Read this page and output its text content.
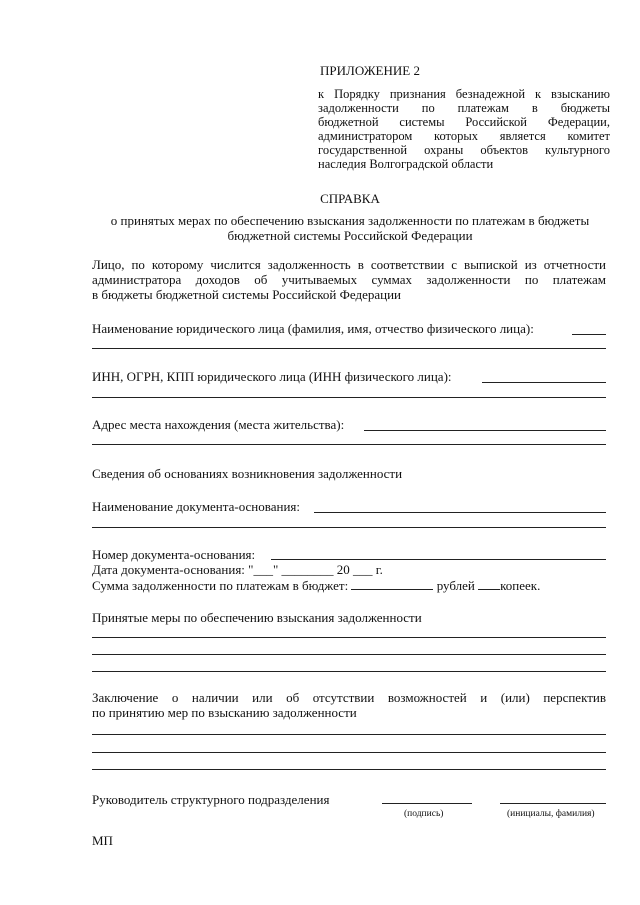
ПРИЛОЖЕНИЕ 2
к Порядку признания безнадежной к взысканию
задолженности по платежам в бюджеты
бюджетной системы Российской Федерации,
администратором которых является комитет
государственной охраны объектов культурного
наследия Волгоградской области
СПРАВКА
о принятых мерах по обеспечению взыскания задолженности по платежам в бюджеты
бюджетной системы Российской Федерации
Лицо, по которому числится задолженность в соответствии с выпиской из отчетности
администратора доходов об учитываемых суммах задолженности по платежам
в бюджеты бюджетной системы Российской Федерации
Наименование юридического лица (фамилия, имя, отчество физического лица):
ИНН, ОГРН, КПП юридического лица (ИНН физического лица):
Адрес места нахождения (места жительства):
Сведения об основаниях возникновения задолженности
Наименование документа-основания:
Номер документа-основания:
Дата документа-основания: "___" ________ 20 ___ г.
Сумма задолженности по платежам в бюджет:	рублей копеек.
Принятые меры по обеспечению взыскания задолженности
Заключение о наличии или об отсутствии возможностей и (или) перспектив
по принятию мер по взысканию задолженности
Руководитель структурного подразделения
(подпись)	(инициалы, фамилия)
МП
